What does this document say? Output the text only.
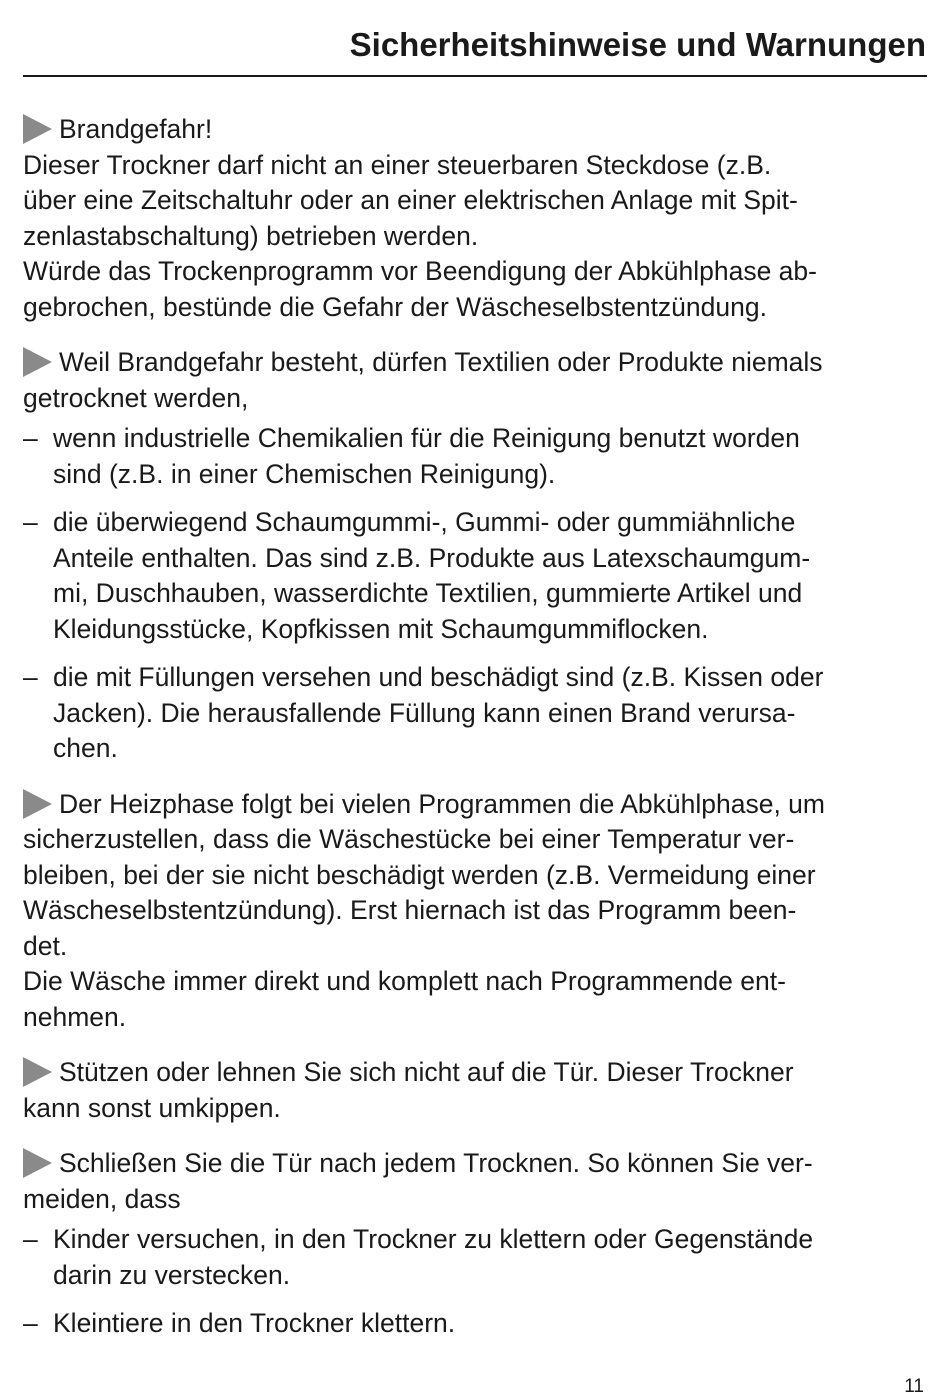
Sicherheitshinweise und Warnungen
Brandgefahr!
Dieser Trockner darf nicht an einer steuerbaren Steckdose (z.B.
über eine Zeitschaltuhr oder an einer elektrischen Anlage mit Spit-
zenlastabschaltung) betrieben werden.
Würde das Trockenprogramm vor Beendigung der Abkühlphase ab-
gebrochen, bestünde die Gefahr der Wäscheselbstentzündung.
Weil Brandgefahr besteht, dürfen Textilien oder Produkte niemals
getrocknet werden,
– wenn industrielle Chemikalien für die Reinigung benutzt worden
sind (z.B. in einer Chemischen Reinigung).
– die überwiegend Schaumgummi-, Gummi- oder gummiähnliche
Anteile enthalten. Das sind z.B. Produkte aus Latexschaumgum-
mi, Duschhauben, wasserdichte Textilien, gummierte Artikel und
Kleidungsstücke, Kopfkissen mit Schaumgummiflocken.
– die mit Füllungen versehen und beschädigt sind (z.B. Kissen oder
Jacken). Die herausfallende Füllung kann einen Brand verursa-
chen.
Der Heizphase folgt bei vielen Programmen die Abkühlphase, um
sicherzustellen, dass die Wäschestücke bei einer Temperatur ver-
bleiben, bei der sie nicht beschädigt werden (z.B. Vermeidung einer
Wäscheselbstentzündung). Erst hiernach ist das Programm been-
det.
Die Wäsche immer direkt und komplett nach Programmende ent-
nehmen.
Stützen oder lehnen Sie sich nicht auf die Tür. Dieser Trockner
kann sonst umkippen.
Schließen Sie die Tür nach jedem Trocknen. So können Sie ver-
meiden, dass
– Kinder versuchen, in den Trockner zu klettern oder Gegenstände
darin zu verstecken.
– Kleintiere in den Trockner klettern.
11
